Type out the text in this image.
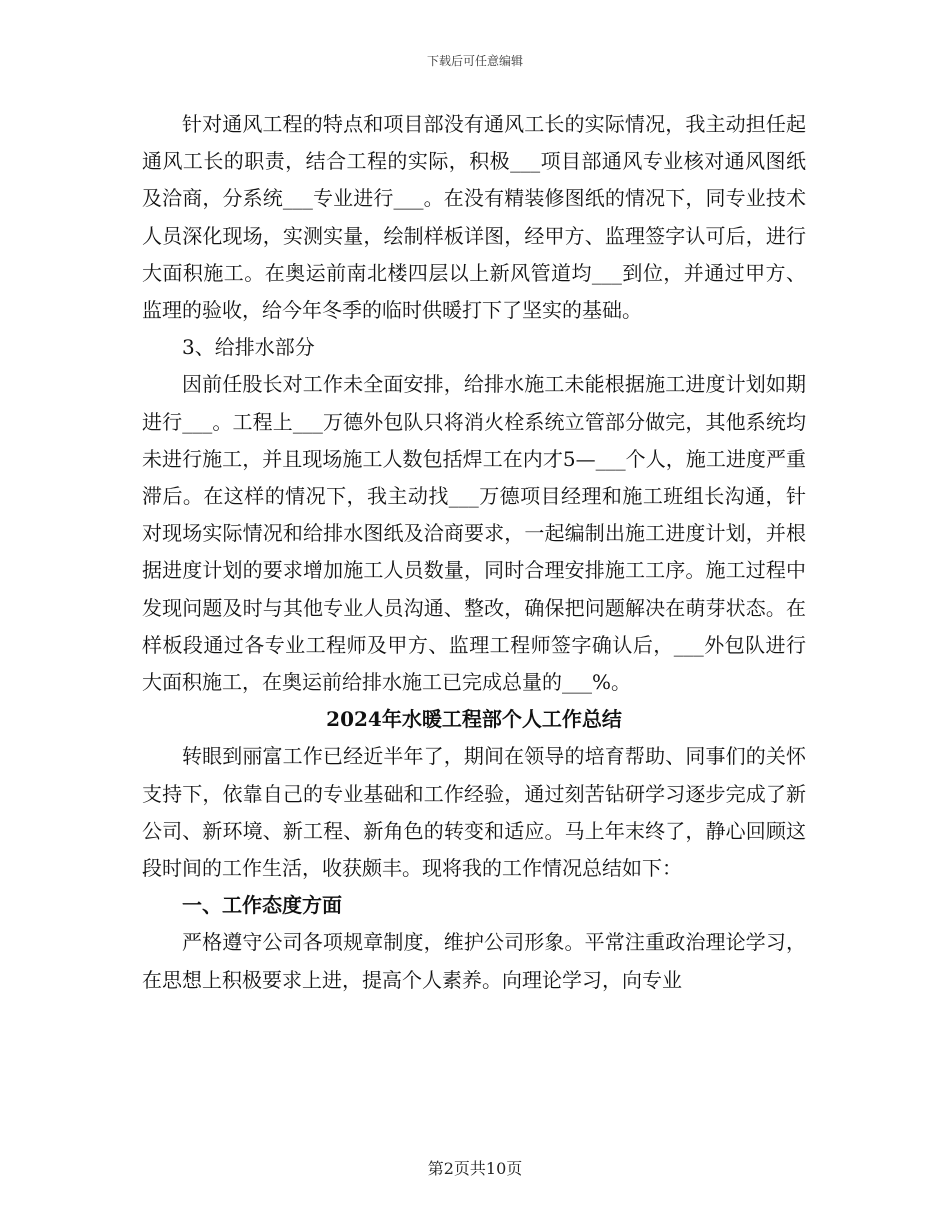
下载后可任意编辑

针对通风工程的特点和项目部没有通风工长的实际情况，我主动担任起通风工长的职责，结合工程的实际，积极___项目部通风专业核对通风图纸及洽商，分系统___专业进行___。在没有精装修图纸的情况下，同专业技术人员深化现场，实测实量，绘制样板详图，经甲方、监理签字认可后，进行大面积施工。在奥运前南北楼四层以上新风管道均___到位，并通过甲方、监理的验收，给今年冬季的临时供暖打下了坚实的基础。

3、给排水部分

因前任股长对工作未全面安排，给排水施工未能根据施工进度计划如期进行___。工程上___万德外包队只将消火栓系统立管部分做完，其他系统均未进行施工，并且现场施工人数包括焊工在内才5—___个人，施工进度严重滞后。在这样的情况下，我主动找___万德项目经理和施工班组长沟通，针对现场实际情况和给排水图纸及洽商要求，一起编制出施工进度计划，并根据进度计划的要求增加施工人员数量，同时合理安排施工工序。施工过程中发现问题及时与其他专业人员沟通、整改，确保把问题解决在萌芽状态。在样板段通过各专业工程师及甲方、监理工程师签字确认后，___外包队进行大面积施工，在奥运前给排水施工已完成总量的___%。

2024年水暖工程部个人工作总结

转眼到丽富工作已经近半年了，期间在领导的培育帮助、同事们的关怀支持下，依靠自己的专业基础和工作经验，通过刻苦钻研学习逐步完成了新公司、新环境、新工程、新角色的转变和适应。马上年末终了，静心回顾这段时间的工作生活，收获颇丰。现将我的工作情况总结如下：

一、工作态度方面

严格遵守公司各项规章制度，维护公司形象。平常注重政治理论学习，在思想上积极要求上进，提高个人素养。向理论学习，向专业

第2页共10页
